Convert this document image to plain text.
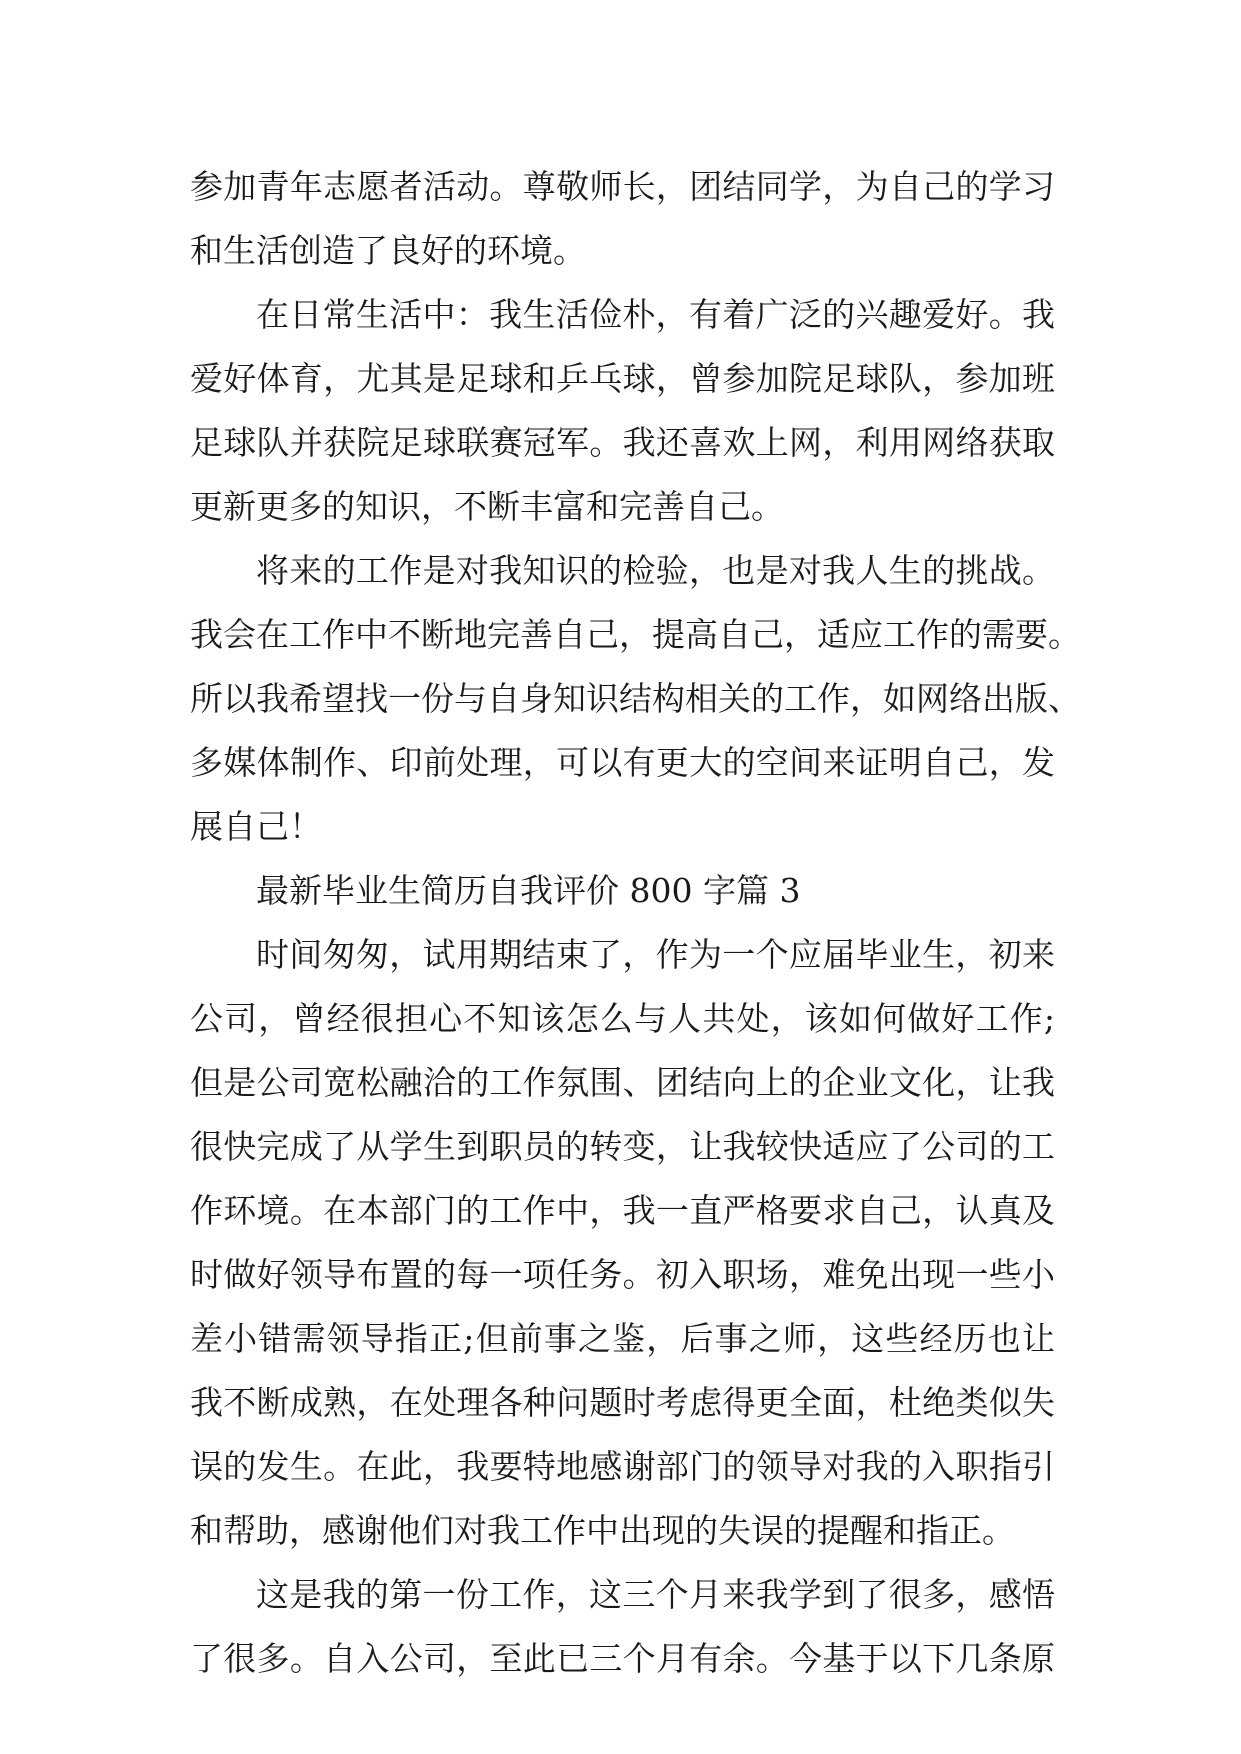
参加青年志愿者活动。尊敬师长，团结同学，为自己的学习
和生活创造了良好的环境。
在日常生活中：我生活俭朴，有着广泛的兴趣爱好。我
爱好体育，尤其是足球和乒乓球，曾参加院足球队，参加班
足球队并获院足球联赛冠军。我还喜欢上网，利用网络获取
更新更多的知识，不断丰富和完善自己。
将来的工作是对我知识的检验，也是对我人生的挑战。
我会在工作中不断地完善自己，提高自己，适应工作的需要。
所以我希望找一份与自身知识结构相关的工作，如网络出版、
多媒体制作、印前处理，可以有更大的空间来证明自己，发
展自己！
最新毕业生简历自我评价 800 字篇 3
时间匆匆，试用期结束了，作为一个应届毕业生，初来
公司，曾经很担心不知该怎么与人共处，该如何做好工作;
但是公司宽松融洽的工作氛围、团结向上的企业文化，让我
很快完成了从学生到职员的转变，让我较快适应了公司的工
作环境。在本部门的工作中，我一直严格要求自己，认真及
时做好领导布置的每一项任务。初入职场，难免出现一些小
差小错需领导指正;但前事之鉴，后事之师，这些经历也让
我不断成熟，在处理各种问题时考虑得更全面，杜绝类似失
误的发生。在此，我要特地感谢部门的领导对我的入职指引
和帮助，感谢他们对我工作中出现的失误的提醒和指正。
这是我的第一份工作，这三个月来我学到了很多，感悟
了很多。自入公司，至此已三个月有余。今基于以下几条原
